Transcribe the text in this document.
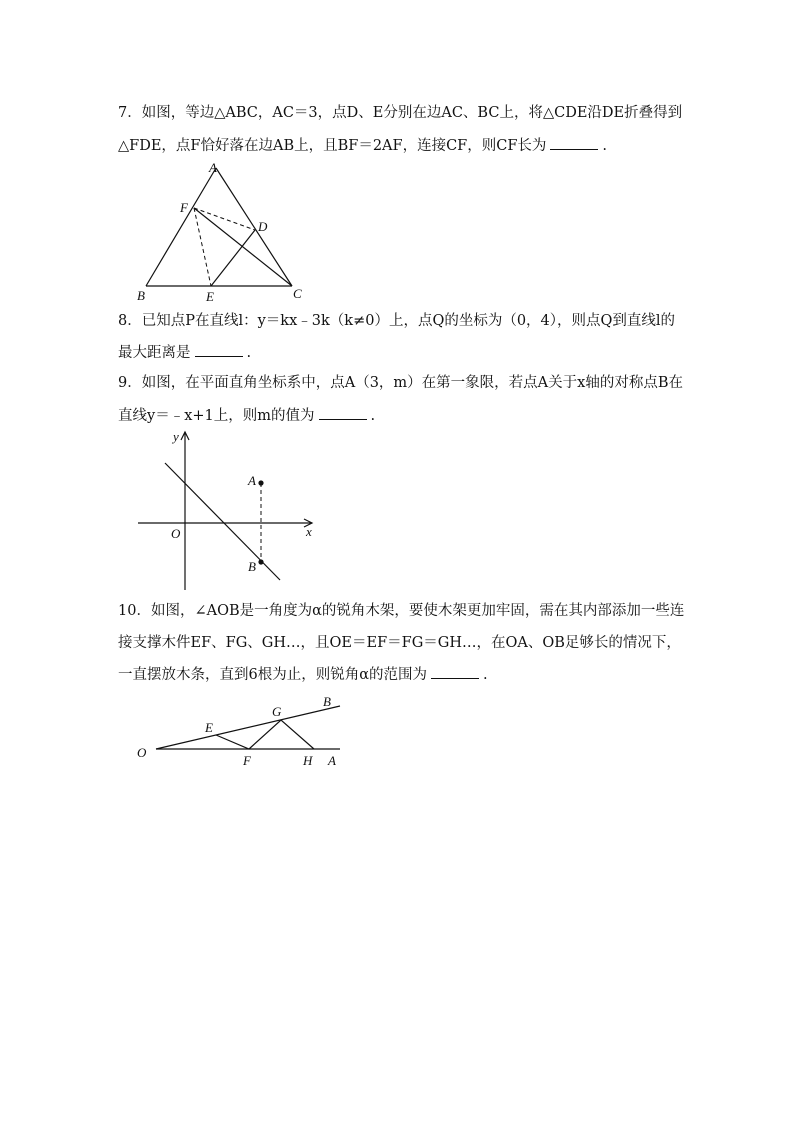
7．如图，等边△ABC，AC＝3，点D、E分别在边AC、BC上，将△CDE沿DE折叠得到
△FDE，点F恰好落在边AB上，且BF＝2AF，连接CF，则CF长为	.
A
B	C
D
E
F
8．已知点P在直线l：y＝kx﹣3k（k≠0）上，点Q的坐标为（0，4），则点Q到直线l的
最大距离是	.
9．如图，在平面直角坐标系中，点A（3，m）在第一象限，若点A关于x轴的对称点B在
直线y＝﹣x+1上，则m的值为	.
y
x
O
A
B
10．如图，∠AOB是一角度为α的锐角木架，要使木架更加牢固，需在其内部添加一些连
接支撑木件EF、FG、GH…，且OE＝EF＝FG＝GH…，在OA、OB足够长的情况下，
一直摆放木条，直到6根为止，则锐角α的范围为	.
O
E
G
B
F	H A
